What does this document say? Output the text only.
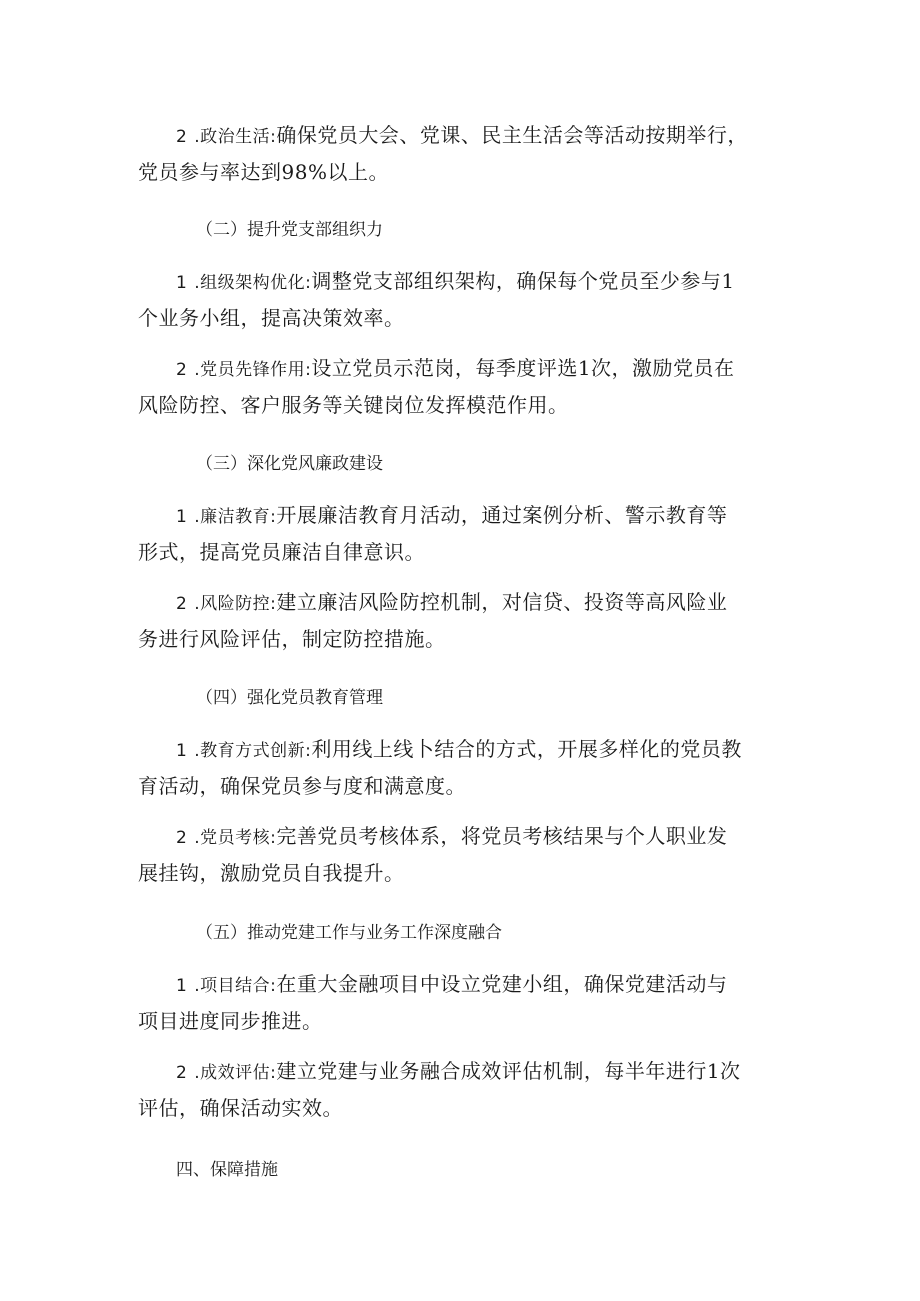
2 .政治生活:确保党员大会、党课、民主生活会等活动按期举行，
党员参与率达到98%以上。
（二）提升党支部组织力
1 .组级架构优化:调整党支部组织架构，确保每个党员至少参与1
个业务小组，提高决策效率。
2 .党员先锋作用:设立党员示范岗，每季度评选1次，激励党员在
风险防控、客户服务等关键岗位发挥模范作用。
（三）深化党风廉政建设
1 .廉洁教育:开展廉洁教育月活动，通过案例分析、警示教育等
形式，提高党员廉洁自律意识。
2 .风险防控:建立廉洁风险防控机制，对信贷、投资等高风险业
务进行风险评估，制定防控措施。
（四）强化党员教育管理
1 .教育方式创新:利用线上线卜结合的方式，开展多样化的党员教
育活动，确保党员参与度和满意度。
2 .党员考核:完善党员考核体系，将党员考核结果与个人职业发
展挂钩，激励党员自我提升。
（五）推动党建工作与业务工作深度融合
1 .项目结合:在重大金融项目中设立党建小组，确保党建活动与
项目进度同步推进。
2 .成效评估:建立党建与业务融合成效评估机制，每半年进行1次
评估，确保活动实效。
四、保障措施
